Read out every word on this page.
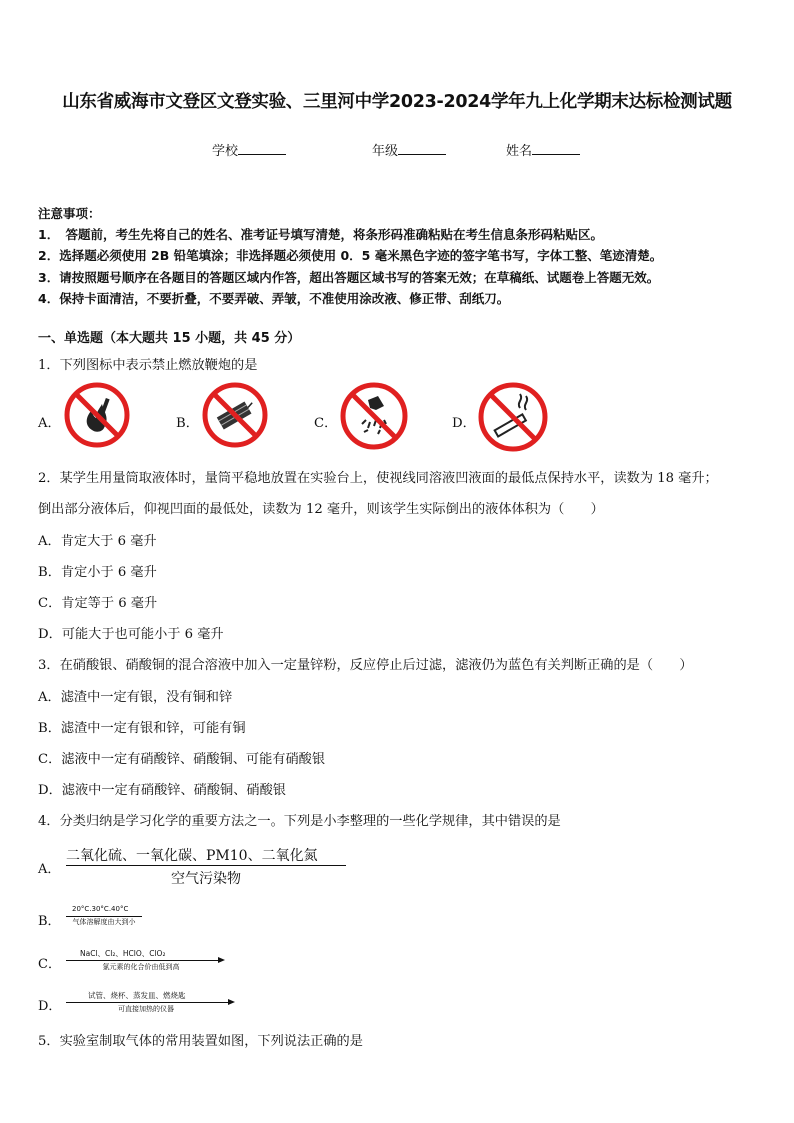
山东省威海市文登区文登实验、三里河中学2023-2024学年九上化学期末达标检测试题
学校	年级	姓名
注意事项：
1．　答题前，考生先将自己的姓名、准考证号填写清楚，将条形码准确粘贴在考生信息条形码粘贴区。
2．选择题必须使用 2B 铅笔填涂；非选择题必须使用 0．5 毫米黑色字迹的签字笔书写，字体工整、笔迹清楚。
3．请按照题号顺序在各题目的答题区域内作答，超出答题区域书写的答案无效；在草稿纸、试题卷上答题无效。
4．保持卡面清洁，不要折叠，不要弄破、弄皱，不准使用涂改液、修正带、刮纸刀。
一、单选题（本大题共 15 小题，共 45 分）
1．下列图标中表示禁止燃放鞭炮的是
A．	B．	C．	D．
2．某学生用量筒取液体时，量筒平稳地放置在实验台上，使视线同溶液凹液面的最低点保持水平，读数为 18 毫升；
倒出部分液体后，仰视凹面的最低处，读数为 12 毫升，则该学生实际倒出的液体体积为（　　）
A．肯定大于 6 毫升
B．肯定小于 6 毫升
C．肯定等于 6 毫升
D．可能大于也可能小于 6 毫升
3．在硝酸银、硝酸铜的混合溶液中加入一定量锌粉，反应停止后过滤，滤液仍为蓝色有关判断正确的是（　　）
A．滤渣中一定有银，没有铜和锌
B．滤渣中一定有银和锌，可能有铜
C．滤液中一定有硝酸锌、硝酸铜、可能有硝酸银
D．滤液中一定有硝酸锌、硝酸铜、硝酸银
4．分类归纳是学习化学的重要方法之一。下列是小李整理的一些化学规律，其中错误的是
A．
二氧化硫、一氧化碳、PM10、二氧化氮
空气污染物
B．
20°C.30°C.40°C
气体溶解度由大到小
C．
NaCl、Cl₂、HClO、ClO₂
氯元素的化合价由低到高
D．
试管、烧杯、蒸发皿、燃烧匙
可直接加热的仪器
5．实验室制取气体的常用装置如图，下列说法正确的是
